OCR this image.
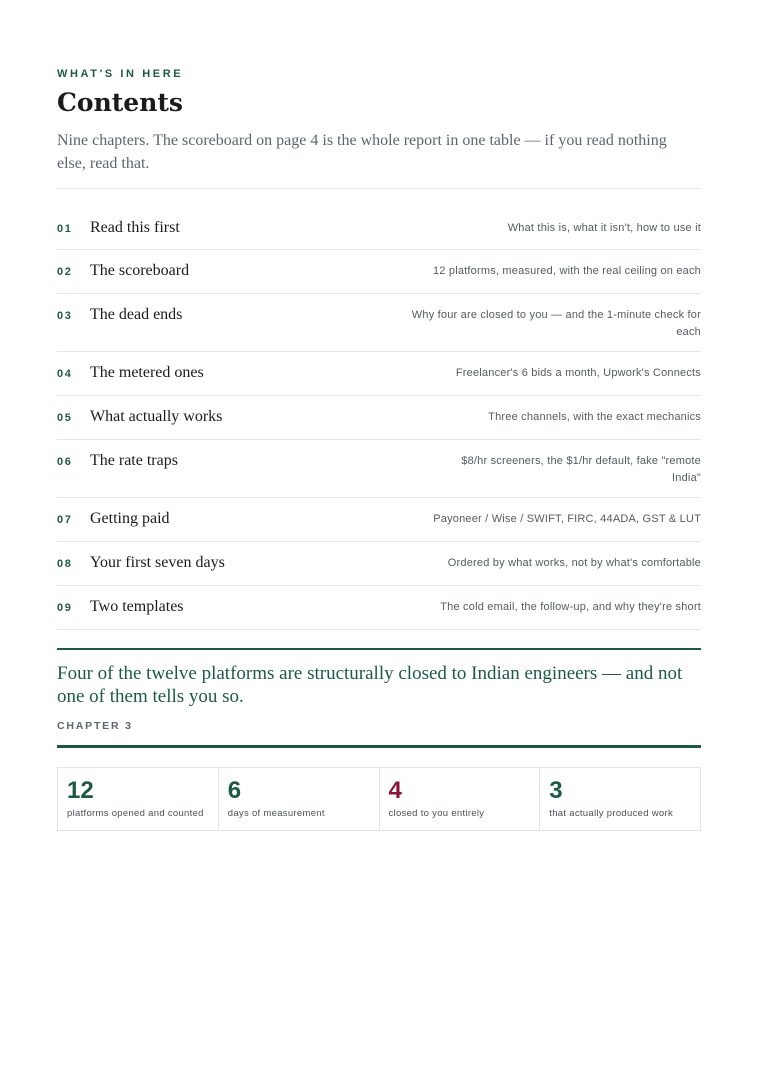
WHAT'S IN HERE
Contents

Nine chapters. The scoreboard on page 4 is the whole report in one table — if you read nothing else, read that.

01 Read this first	What this is, what it isn't, how to use it
02 The scoreboard	12 platforms, measured, with the real ceiling on each
03 The dead ends	Why four are closed to you — and the 1-minute check for each
04 The metered ones	Freelancer's 6 bids a month, Upwork's Connects
05 What actually works	Three channels, with the exact mechanics
06 The rate traps	$8/hr screeners, the $1/hr default, fake "remote India"
07 Getting paid	Payoneer / Wise / SWIFT, FIRC, 44ADA, GST & LUT
08 Your first seven days	Ordered by what works, not by what's comfortable
09 Two templates	The cold email, the follow-up, and why they're short

Four of the twelve platforms are structurally closed to Indian engineers — and not one of them tells you so.

CHAPTER 3
12
platforms opened and counted
6
days of measurement
4
closed to you entirely
3
that actually produced work
